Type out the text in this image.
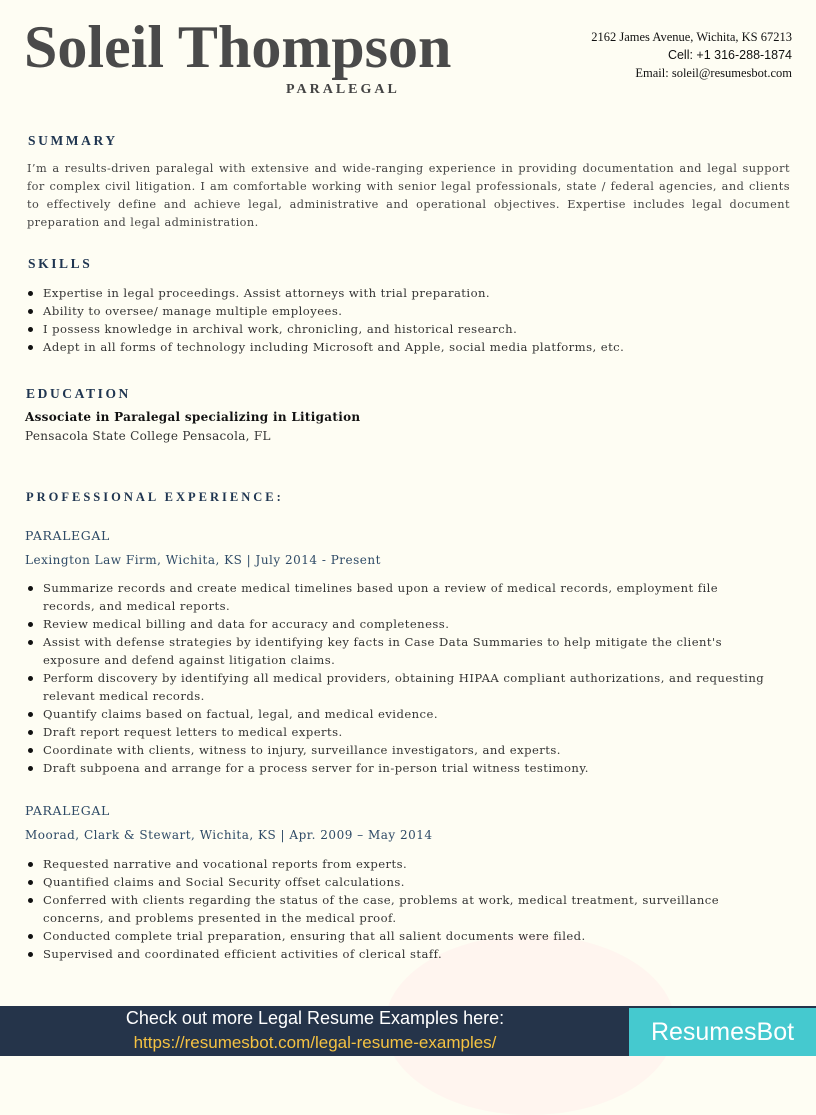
Soleil Thompson
PARALEGAL
2162 James Avenue, Wichita, KS 67213
Cell: +1 316-288-1874
Email: soleil@resumesbot.com
SUMMARY
I’m a results-driven paralegal with extensive and wide-ranging experience in providing documentation and legal support for complex civil litigation. I am comfortable working with senior legal professionals, state / federal agencies, and clients to effectively define and achieve legal, administrative and operational objectives. Expertise includes legal document preparation and legal administration.
SKILLS
Expertise in legal proceedings. Assist attorneys with trial preparation.
Ability to oversee/ manage multiple employees.
I possess knowledge in archival work, chronicling, and historical research.
Adept in all forms of technology including Microsoft and Apple, social media platforms, etc.
EDUCATION
Associate in Paralegal specializing in Litigation
Pensacola State College Pensacola, FL
PROFESSIONAL EXPERIENCE:
PARALEGAL
Lexington Law Firm, Wichita, KS | July 2014 - Present
Summarize records and create medical timelines based upon a review of medical records, employment file records, and medical reports.
Review medical billing and data for accuracy and completeness.
Assist with defense strategies by identifying key facts in Case Data Summaries to help mitigate the client's exposure and defend against litigation claims.
Perform discovery by identifying all medical providers, obtaining HIPAA compliant authorizations, and requesting relevant medical records.
Quantify claims based on factual, legal, and medical evidence.
Draft report request letters to medical experts.
Coordinate with clients, witness to injury, surveillance investigators, and experts.
Draft subpoena and arrange for a process server for in-person trial witness testimony.
PARALEGAL
Moorad, Clark & Stewart, Wichita, KS | Apr. 2009 – May 2014
Requested narrative and vocational reports from experts.
Quantified claims and Social Security offset calculations.
Conferred with clients regarding the status of the case, problems at work, medical treatment, surveillance concerns, and problems presented in the medical proof.
Conducted complete trial preparation, ensuring that all salient documents were filed.
Supervised and coordinated efficient activities of clerical staff.
Check out more Legal Resume Examples here:
https://resumesbot.com/legal-resume-examples/	ResumesBot
